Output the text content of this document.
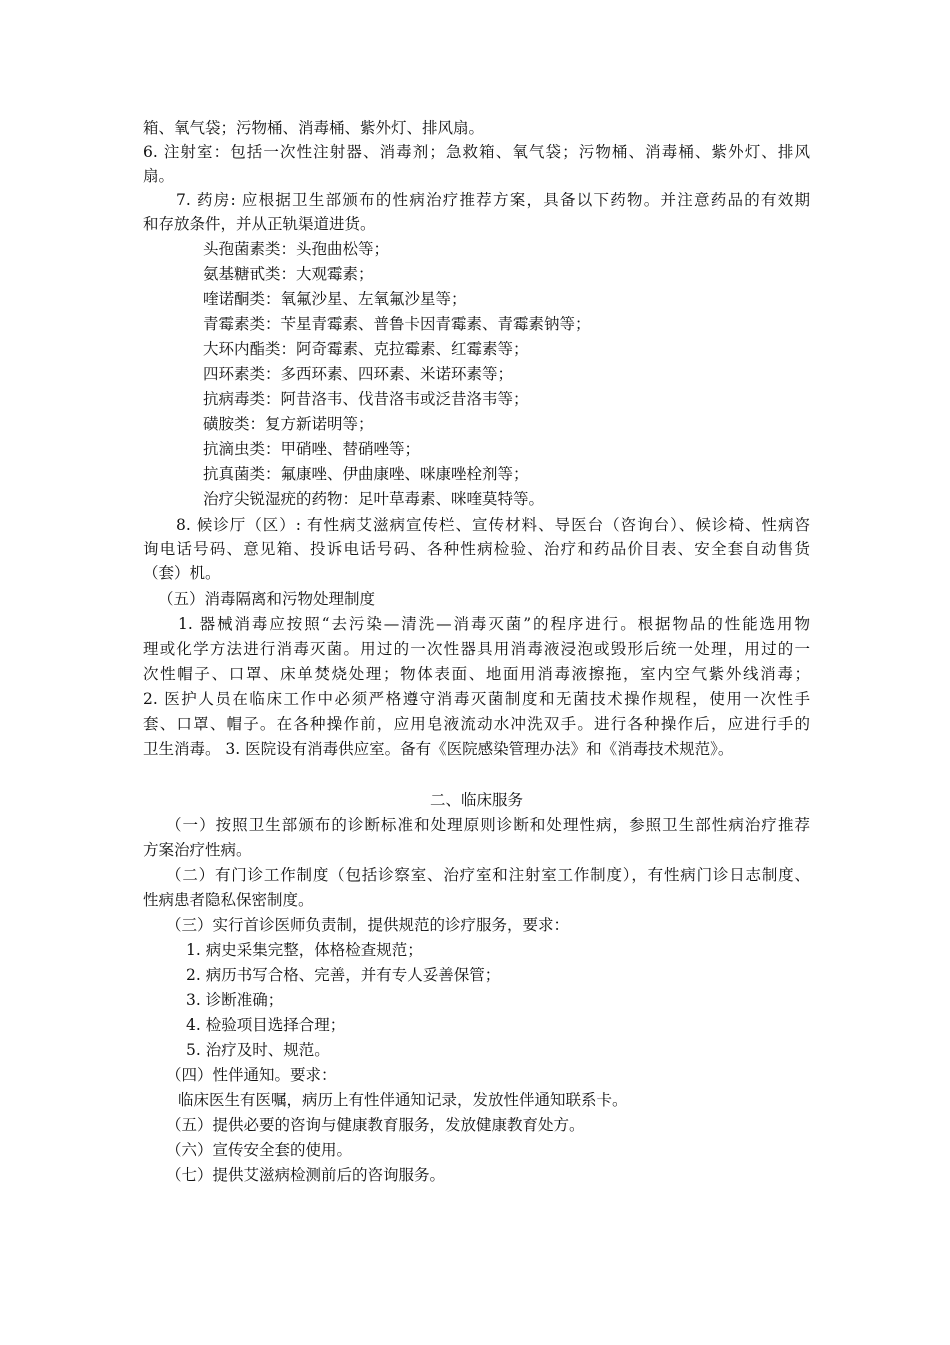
箱、氧气袋；污物桶、消毒桶、紫外灯、排风扇。
6. 注射室：包括一次性注射器、消毒剂；急救箱、氧气袋；污物桶、消毒桶、紫外灯、排风
扇。
7. 药房: 应根据卫生部颁布的性病治疗推荐方案，具备以下药物。并注意药品的有效期
和存放条件，并从正轨渠道进货。
头孢菌素类：头孢曲松等；
氨基糖甙类：大观霉素；
喹诺酮类：氧氟沙星、左氧氟沙星等；
青霉素类：苄星青霉素、普鲁卡因青霉素、青霉素钠等；
大环内酯类：阿奇霉素、克拉霉素、红霉素等；
四环素类：多西环素、四环素、米诺环素等；
抗病毒类：阿昔洛韦、伐昔洛韦或泛昔洛韦等；
磺胺类：复方新诺明等；
抗滴虫类：甲硝唑、替硝唑等；
抗真菌类：氟康唑、伊曲康唑、咪康唑栓剂等；
治疗尖锐湿疣的药物：足叶草毒素、咪喹莫特等。
8. 候诊厅（区）: 有性病艾滋病宣传栏、宣传材料、导医台（咨询台）、候诊椅、性病咨
询电话号码、意见箱、投诉电话号码、各种性病检验、治疗和药品价目表、安全套自动售货
（套）机。
（五）消毒隔离和污物处理制度
1. 器械消毒应按照“去污染—清洗—消毒灭菌”的程序进行。根据物品的性能选用物
理或化学方法进行消毒灭菌。用过的一次性器具用消毒液浸泡或毁形后统一处理，用过的一
次性帽子、口罩、床单焚烧处理；物体表面、地面用消毒液擦拖，室内空气紫外线消毒；
2. 医护人员在临床工作中必须严格遵守消毒灭菌制度和无菌技术操作规程，使用一次性手
套、口罩、帽子。在各种操作前，应用皂液流动水冲洗双手。进行各种操作后，应进行手的
卫生消毒。 3. 医院设有消毒供应室。备有《医院感染管理办法》和《消毒技术规范》。
二、临床服务
（一）按照卫生部颁布的诊断标准和处理原则诊断和处理性病，参照卫生部性病治疗推荐
方案治疗性病。
（二）有门诊工作制度（包括诊察室、治疗室和注射室工作制度），有性病门诊日志制度、
性病患者隐私保密制度。
（三）实行首诊医师负责制，提供规范的诊疗服务，要求：
1. 病史采集完整，体格检查规范；
2. 病历书写合格、完善，并有专人妥善保管；
3. 诊断准确；
4. 检验项目选择合理；
5. 治疗及时、规范。
（四）性伴通知。要求：
临床医生有医嘱，病历上有性伴通知记录，发放性伴通知联系卡。
（五）提供必要的咨询与健康教育服务，发放健康教育处方。
（六）宣传安全套的使用。
（七）提供艾滋病检测前后的咨询服务。
